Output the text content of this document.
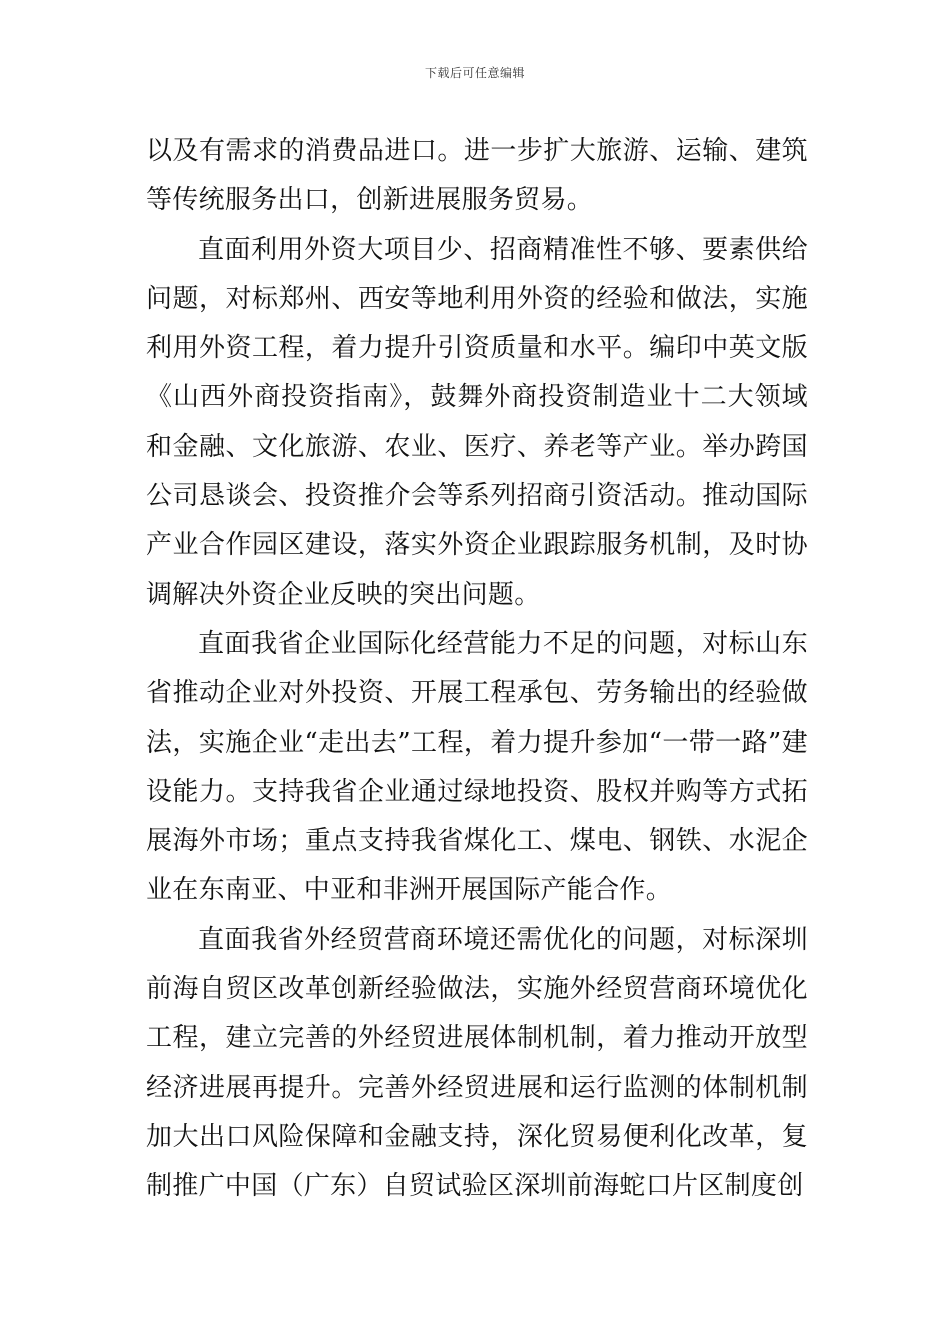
下载后可任意编辑

以及有需求的消费品进口。进一步扩大旅游、运输、建筑等传统服务出口，创新进展服务贸易。

直面利用外资大项目少、招商精准性不够、要素供给问题，对标郑州、西安等地利用外资的经验和做法，实施利用外资工程，着力提升引资质量和水平。编印中英文版《山西外商投资指南》，鼓舞外商投资制造业十二大领域和金融、文化旅游、农业、医疗、养老等产业。举办跨国公司恳谈会、投资推介会等系列招商引资活动。推动国际产业合作园区建设，落实外资企业跟踪服务机制，及时协调解决外资企业反映的突出问题。

直面我省企业国际化经营能力不足的问题，对标山东省推动企业对外投资、开展工程承包、劳务输出的经验做法，实施企业“走出去”工程，着力提升参加“一带一路”建设能力。支持我省企业通过绿地投资、股权并购等方式拓展海外市场；重点支持我省煤化工、煤电、钢铁、水泥企业在东南亚、中亚和非洲开展国际产能合作。

直面我省外经贸营商环境还需优化的问题，对标深圳前海自贸区改革创新经验做法，实施外经贸营商环境优化工程，建立完善的外经贸进展体制机制，着力推动开放型经济进展再提升。完善外经贸进展和运行监测的体制机制加大出口风险保障和金融支持，深化贸易便利化改革，复制推广中国（广东）自贸试验区深圳前海蛇口片区制度创
